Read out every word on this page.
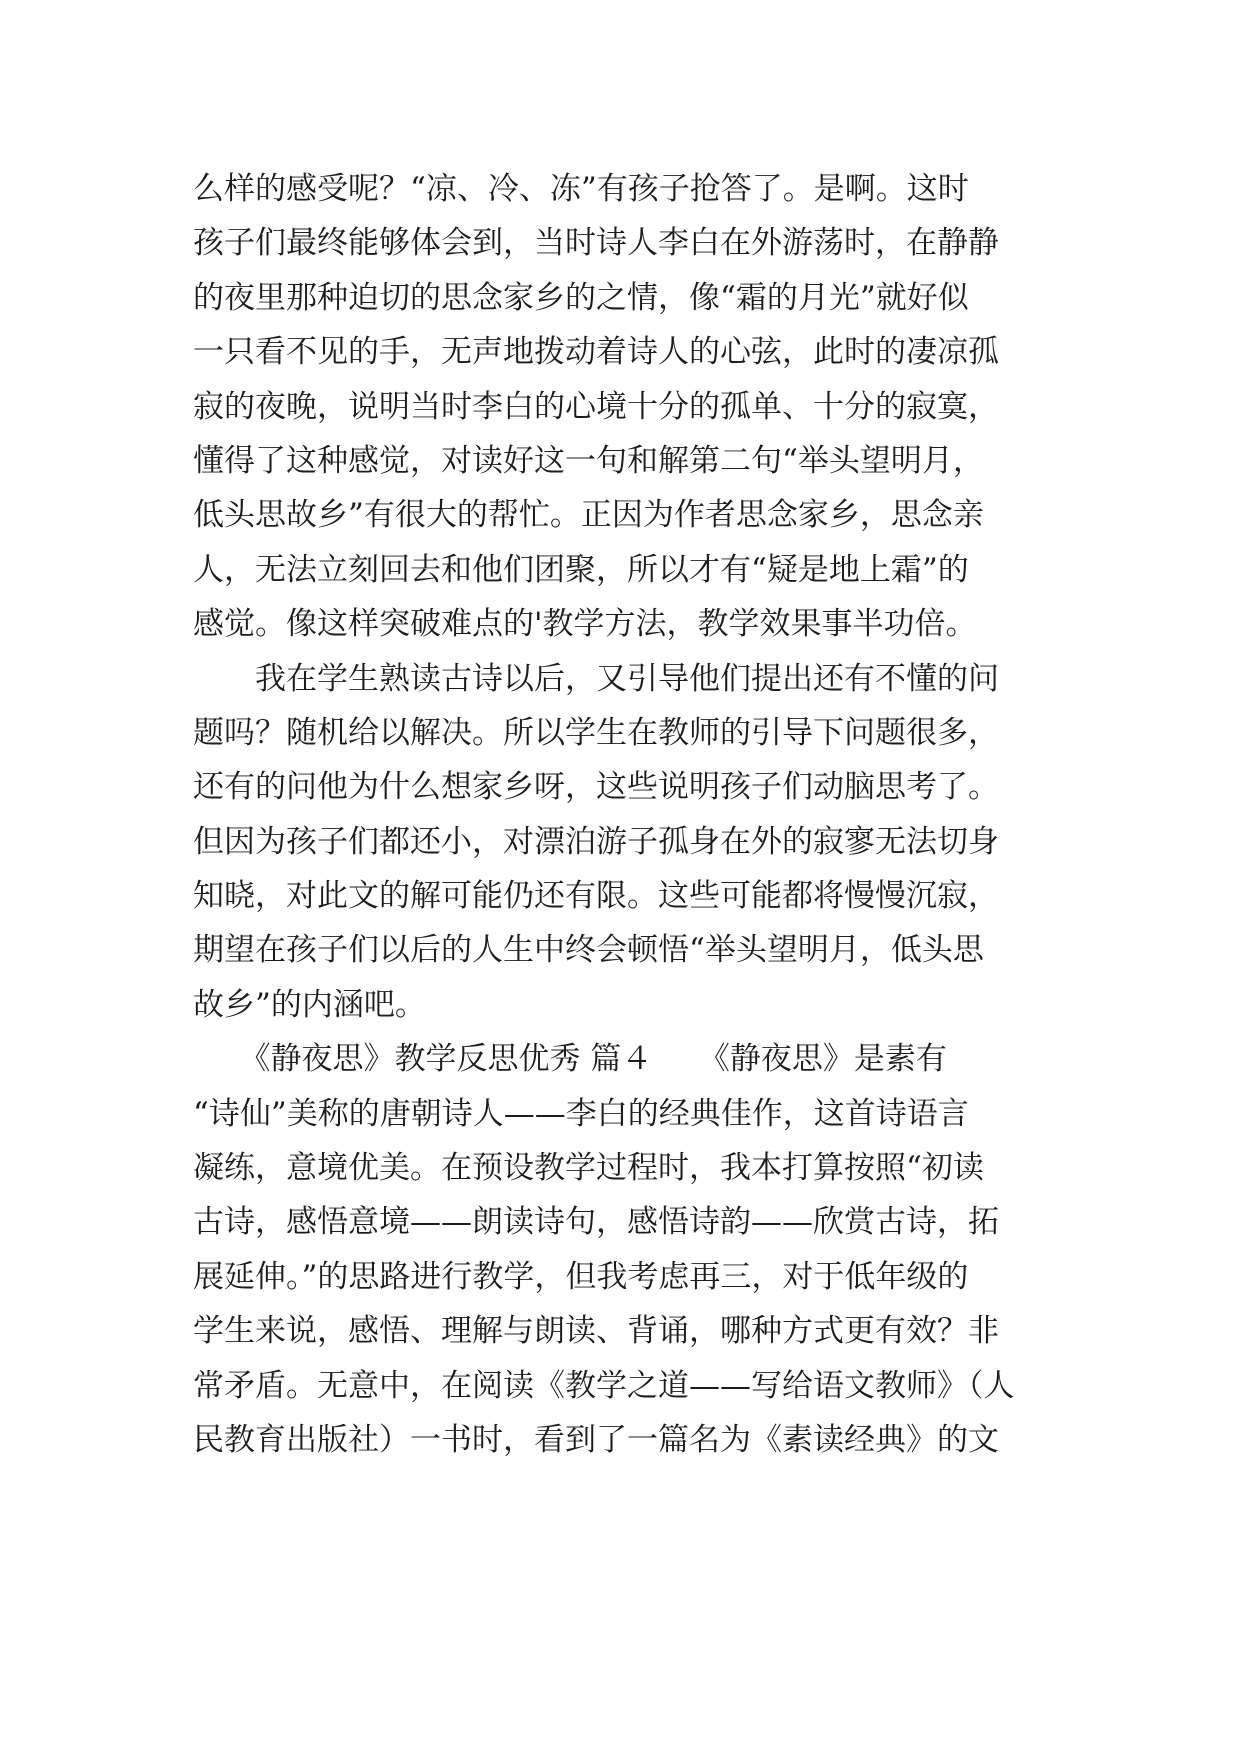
么样的感受呢？“凉、冷、冻”有孩子抢答了。是啊。这时
孩子们最终能够体会到，当时诗人李白在外游荡时，在静静
的夜里那种迫切的思念家乡的之情，像“霜的月光”就好似
一只看不见的手，无声地拨动着诗人的心弦，此时的凄凉孤
寂的夜晚，说明当时李白的心境十分的孤单、十分的寂寞，
懂得了这种感觉，对读好这一句和解第二句“举头望明月，
低头思故乡”有很大的帮忙。正因为作者思念家乡，思念亲
人，无法立刻回去和他们团聚，所以才有“疑是地上霜”的
感觉。像这样突破难点的'教学方法，教学效果事半功倍。
　　我在学生熟读古诗以后，又引导他们提出还有不懂的问
题吗？随机给以解决。所以学生在教师的引导下问题很多，
还有的问他为什么想家乡呀，这些说明孩子们动脑思考了。
但因为孩子们都还小，对漂泊游子孤身在外的寂寥无法切身
知晓，对此文的解可能仍还有限。这些可能都将慢慢沉寂，
期望在孩子们以后的人生中终会顿悟“举头望明月，低头思
故乡”的内涵吧。
　　《静夜思》教学反思优秀 篇４　　《静夜思》是素有
“诗仙”美称的唐朝诗人——李白的经典佳作，这首诗语言
凝练，意境优美。在预设教学过程时，我本打算按照“初读
古诗，感悟意境——朗读诗句，感悟诗韵——欣赏古诗，拓
展延伸。”的思路进行教学，但我考虑再三，对于低年级的
学生来说，感悟、理解与朗读、背诵，哪种方式更有效？非
常矛盾。无意中，在阅读《教学之道——写给语文教师》（人
民教育出版社）一书时，看到了一篇名为《素读经典》的文
